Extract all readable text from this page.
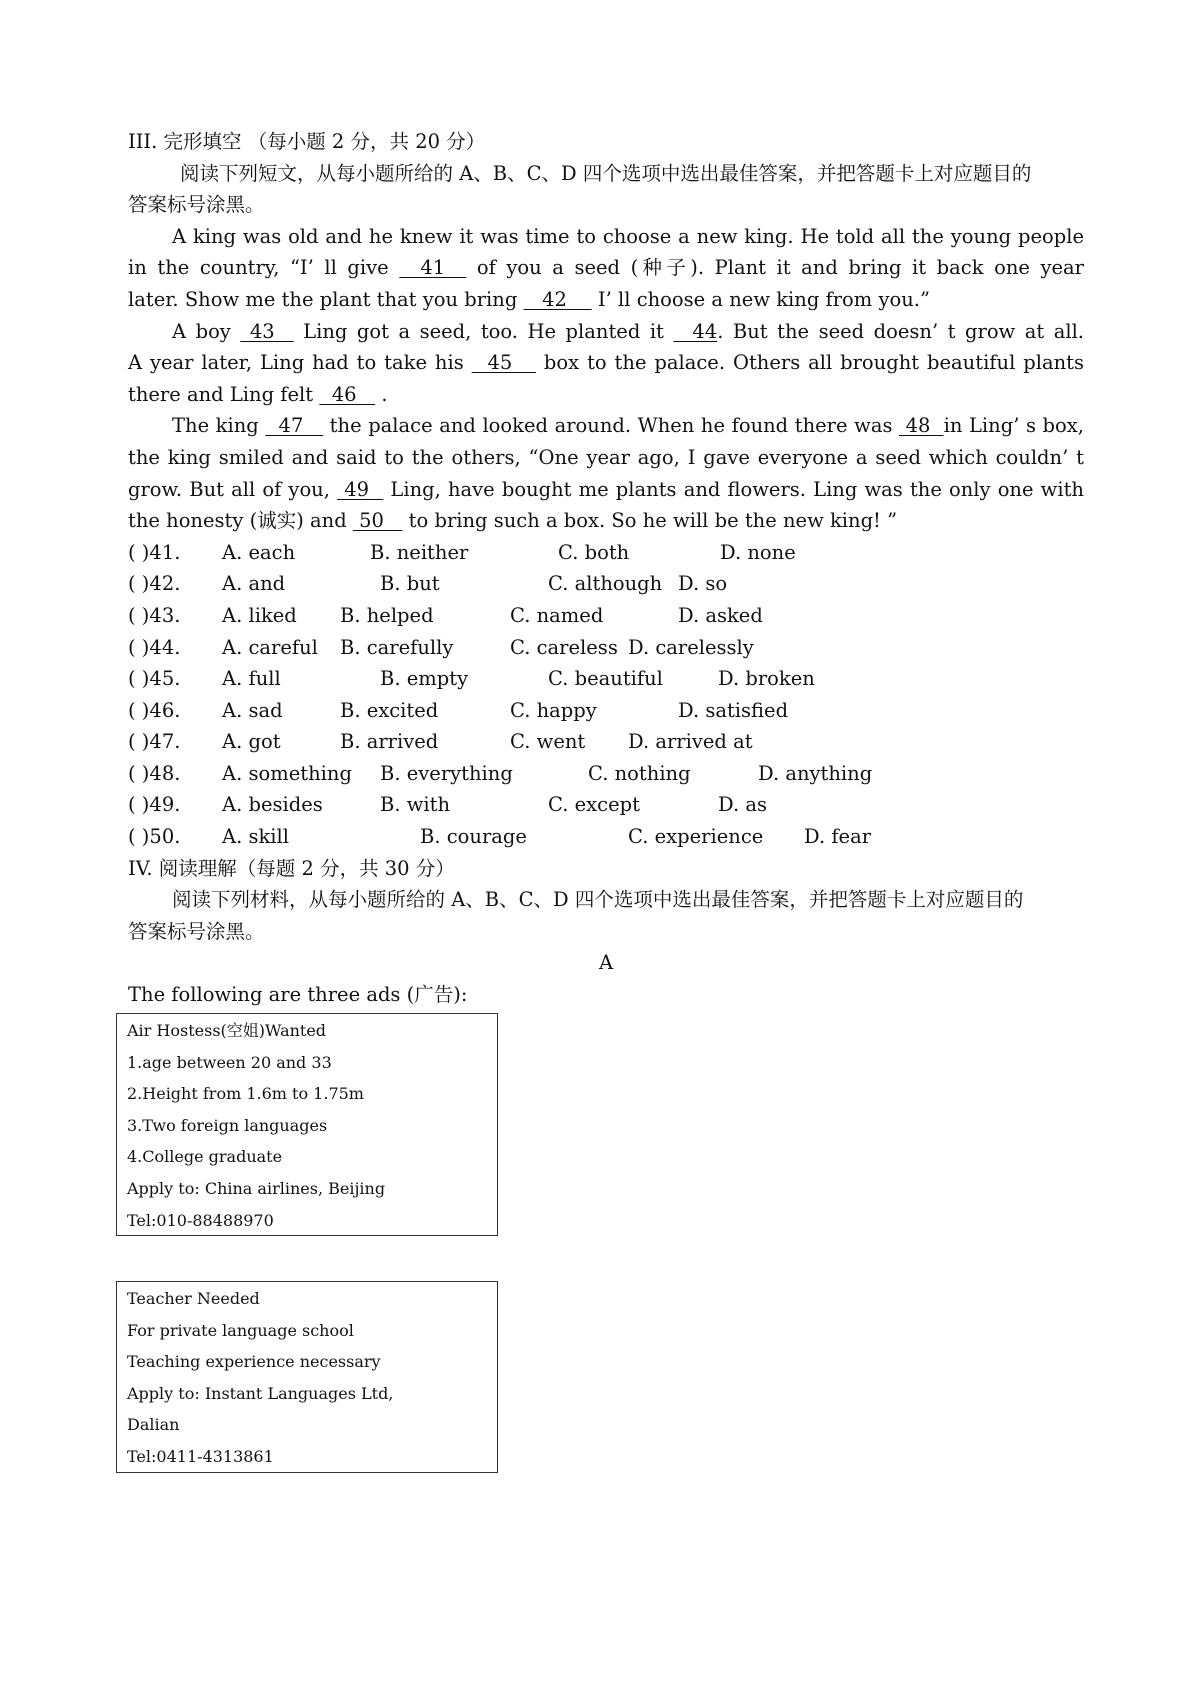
III. 完形填空 （每小题 2 分，共 20 分）
阅读下列短文，从每小题所给的 A、B、C、D 四个选项中选出最佳答案，并把答题卡上对应题目的
答案标号涂黑。
A king was old and he knew it was time to choose a new king. He told all the young people
in the country, “I’ ll give   41   of you a seed (种子). Plant it and bring it back one year
later. Show me the plant that you bring    42     I’ ll choose a new king from you.”
A boy  43   Ling got a seed, too. He planted it   44. But the seed doesn’ t grow at all.
A year later, Ling had to take his   45    box to the palace. Others all brought beautiful plants
there and Ling felt   46    .
The king   47    the palace and looked around. When he found there was  48  in Ling’ s box,
the king smiled and said to the others, “One year ago, I gave everyone a seed which couldn’ t
grow. But all of you,  49   Ling, have bought me plants and flowers. Ling was the only one with
the honesty (诚实) and  50    to bring such a box. So he will be the new king! ”
( )41. A. each	B. neither	C. both	D. none
( )42. A. and	B. but	C. although D. so
( )43. A. liked B. helped	C. named	D. asked
( )44. A. careful B. carefully	C. careless D. carelessly
( )45. A. full	B. empty	C. beautiful	D. broken
( )46. A. sad	B. excited	C. happy	D. satisfied
( )47. A. got	B. arrived	C. went D. arrived at
( )48. A. something B. everything	C. nothing	D. anything
( )49. A. besides	B. with	C. except	D. as
( )50. A. skill	B. courage	C. experience D. fear
IV. 阅读理解（每题 2 分，共 30 分）
阅读下列材料，从每小题所给的 A、B、C、D 四个选项中选出最佳答案，并把答题卡上对应题目的
答案标号涂黑。
A
The following are three ads (广告):
Air Hostess(空姐)Wanted
1.age between 20 and 33
2.Height from 1.6m to 1.75m
3.Two foreign languages
4.College graduate
Apply to: China airlines, Beijing
Tel:010-88488970
Teacher Needed
For private language school
Teaching experience necessary
Apply to: Instant Languages Ltd,
Dalian
Tel:0411-4313861
